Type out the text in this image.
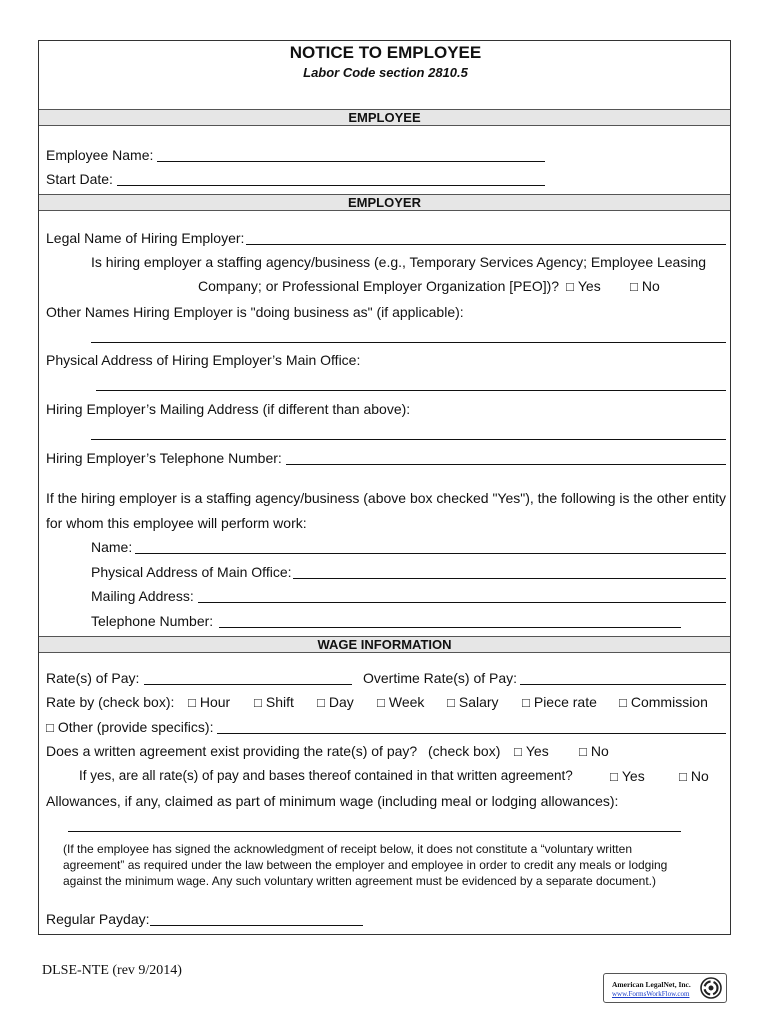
NOTICE TO EMPLOYEE
Labor Code section 2810.5
EMPLOYEE
Employee Name:
Start Date:
EMPLOYER
Legal Name of Hiring Employer:
Is hiring employer a staffing agency/business (e.g., Temporary Services Agency; Employee Leasing
Company; or Professional Employer Organization [PEO])? □ Yes □ No
Other Names Hiring Employer is "doing business as" (if applicable):
Physical Address of Hiring Employer’s Main Office:
Hiring Employer’s Mailing Address (if different than above):
Hiring Employer’s Telephone Number:
If the hiring employer is a staffing agency/business (above box checked "Yes"), the following is the other entity
for whom this employee will perform work:
Name:
Physical Address of Main Office:
Mailing Address:
Telephone Number:
WAGE INFORMATION
Rate(s) of Pay:	Overtime Rate(s) of Pay:
Rate by (check box): □ Hour □ Shift □ Day □ Week □ Salary □ Piece rate □ Commission
□ Other (provide specifics):
Does a written agreement exist providing the rate(s) of pay? (check box) □ Yes □ No
If yes, are all rate(s) of pay and bases thereof contained in that written agreement?	□ Yes	□ No
Allowances, if any, claimed as part of minimum wage (including meal or lodging allowances):
(If the employee has signed the acknowledgment of receipt below, it does not constitute a “voluntary written
agreement” as required under the law between the employer and employee in order to credit any meals or lodging
against the minimum wage. Any such voluntary written agreement must be evidenced by a separate document.)
Regular Payday:
DLSE-NTE (rev 9/2014)
American LegalNet, Inc.
www.FormsWorkFlow.com
